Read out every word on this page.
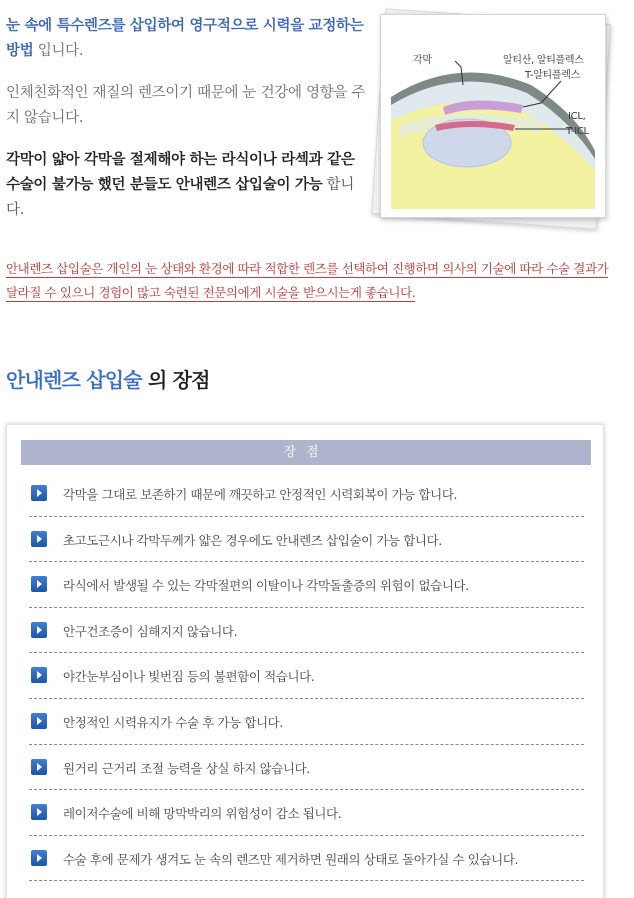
눈 속에 특수렌즈를 삽입하여 영구적으로 시력을 교정하는 방법 입니다.

인체친화적인 재질의 렌즈이기 때문에 눈 건강에 영향을 주지 않습니다.

각막이 얇아 각막을 절제해야 하는 라식이나 라섹과 같은 수술이 불가능 했던 분들도 안내렌즈 삽입술이 가능 합니다.

각막	알티산, 알티플렉스
T-알티플렉스
ICL,
T-ICL

안내렌즈 삽입술은 개인의 눈 상태와 환경에 따라 적합한 렌즈를 선택하여 진행하며 의사의 기술에 따라 수술 결과가 달라질 수 있으니 경험이 많고 숙련된 전문의에게 시술을 받으시는게 좋습니다.

안내렌즈 삽입술 의 장점
장점
각막을 그대로 보존하기 때문에 깨끗하고 안정적인 시력회복이 가능 합니다.
초고도근시나 각막두께가 얇은 경우에도 안내렌즈 삽입술이 가능 합니다.
라식에서 발생될 수 있는 각막절편의 이탈이나 각막돌출증의 위험이 없습니다.
안구건조증이 심해지지 않습니다.
야간눈부심이나 빛번짐 등의 불편함이 적습니다.
안정적인 시력유지가 수술 후 가능 합니다.
원거리 근거리 조절 능력을 상실 하지 않습니다.
레이저수술에 비해 망막박리의 위험성이 감소 됩니다.
수술 후에 문제가 생겨도 눈 속의 렌즈만 제거하면 원래의 상태로 돌아가실 수 있습니다.
